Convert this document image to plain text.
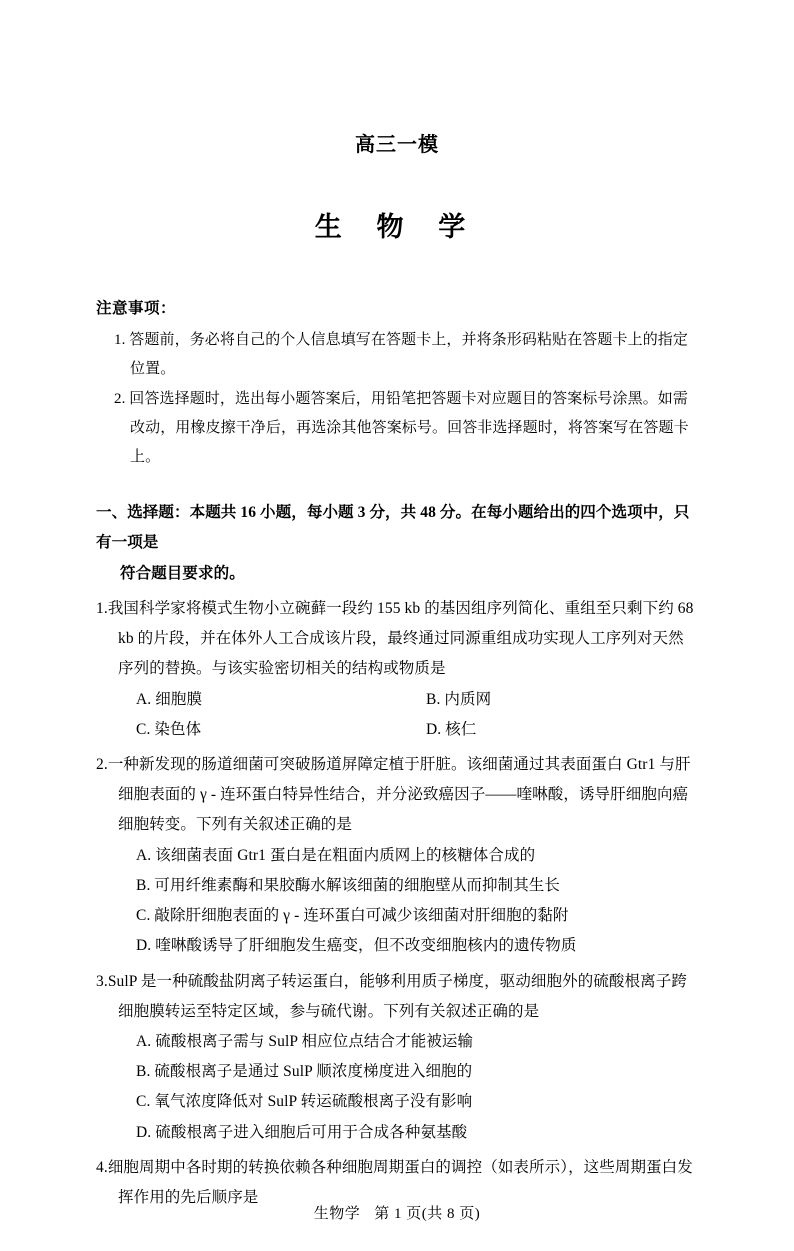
高三一模
生 物 学
注意事项：
1. 答题前，务必将自己的个人信息填写在答题卡上，并将条形码粘贴在答题卡上的指定位置。
2. 回答选择题时，选出每小题答案后，用铅笔把答题卡对应题目的答案标号涂黑。如需改动，用橡皮擦干净后，再选涂其他答案标号。回答非选择题时，将答案写在答题卡上。
一、选择题：本题共 16 小题，每小题 3 分，共 48 分。在每小题给出的四个选项中，只有一项是
符合题目要求的。
1.我国科学家将模式生物小立碗藓一段约 155 kb 的基因组序列简化、重组至只剩下约 68 kb 的片段，并在体外人工合成该片段，最终通过同源重组成功实现人工序列对天然序列的替换。与该实验密切相关的结构或物质是
A. 细胞膜	B. 内质网
C. 染色体	D. 核仁
2.一种新发现的肠道细菌可突破肠道屏障定植于肝脏。该细菌通过其表面蛋白 Gtr1 与肝细胞表面的 γ - 连环蛋白特异性结合，并分泌致癌因子——喹啉酸，诱导肝细胞向癌细胞转变。下列有关叙述正确的是
A. 该细菌表面 Gtr1 蛋白是在粗面内质网上的核糖体合成的
B. 可用纤维素酶和果胶酶水解该细菌的细胞壁从而抑制其生长
C. 敲除肝细胞表面的 γ - 连环蛋白可减少该细菌对肝细胞的黏附
D. 喹啉酸诱导了肝细胞发生癌变，但不改变细胞核内的遗传物质
3.SulP 是一种硫酸盐阴离子转运蛋白，能够利用质子梯度，驱动细胞外的硫酸根离子跨细胞膜转运至特定区域，参与硫代谢。下列有关叙述正确的是
A. 硫酸根离子需与 SulP 相应位点结合才能被运输
B. 硫酸根离子是通过 SulP 顺浓度梯度进入细胞的
C. 氧气浓度降低对 SulP 转运硫酸根离子没有影响
D. 硫酸根离子进入细胞后可用于合成各种氨基酸
4.细胞周期中各时期的转换依赖各种细胞周期蛋白的调控（如表所示），这些周期蛋白发挥作用的先后顺序是
生物学 第 1 页(共 8 页)
